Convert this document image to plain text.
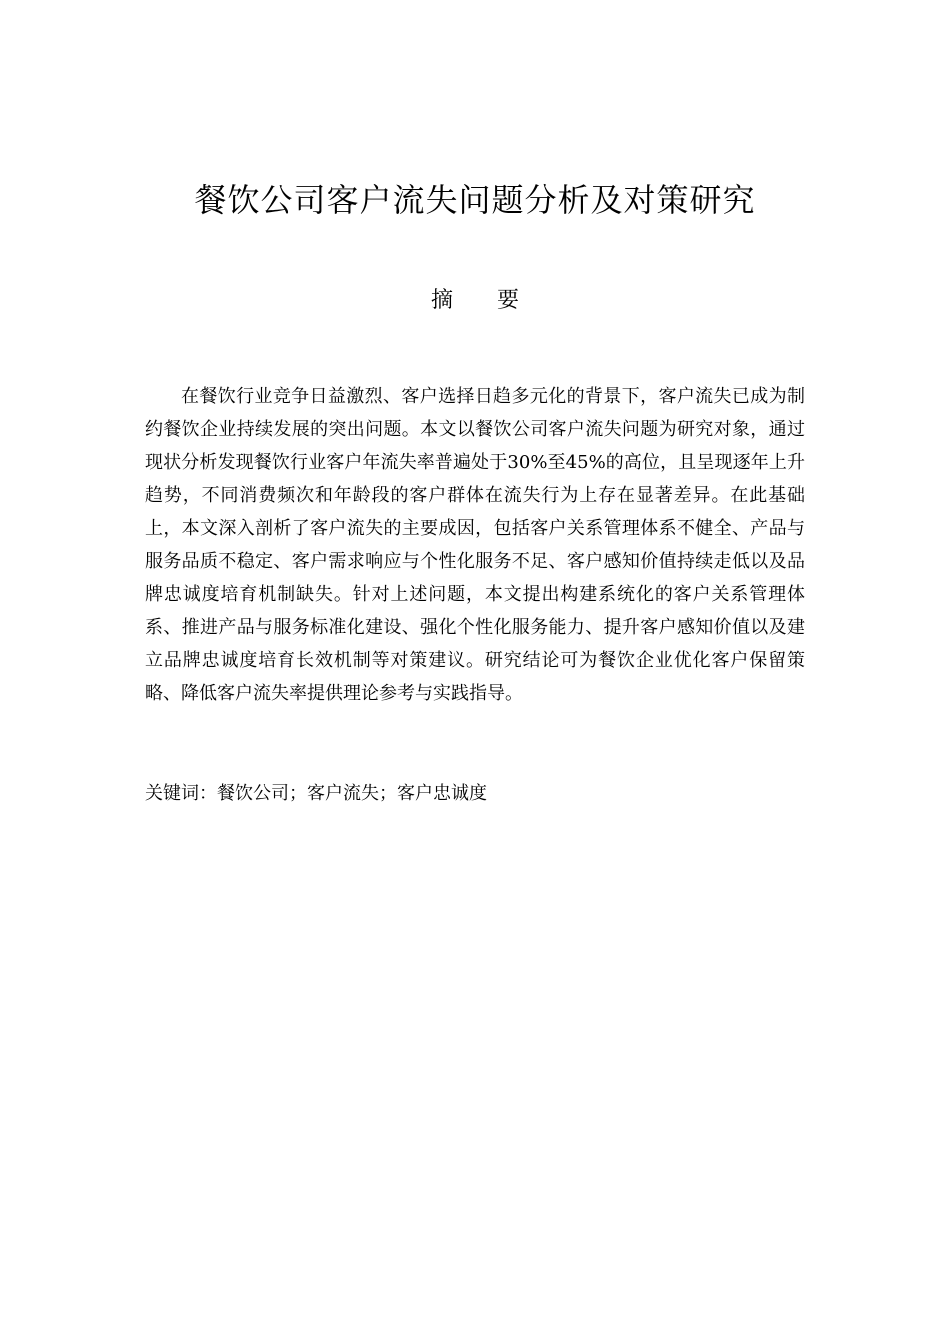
餐饮公司客户流失问题分析及对策研究
摘 要

在餐饮行业竞争日益激烈、客户选择日趋多元化的背景下，客户流失已成为制约餐饮企业持续发展的突出问题。本文以餐饮公司客户流失问题为研究对象，通过现状分析发现餐饮行业客户年流失率普遍处于30%至45%的高位，且呈现逐年上升趋势，不同消费频次和年龄段的客户群体在流失行为上存在显著差异。在此基础上，本文深入剖析了客户流失的主要成因，包括客户关系管理体系不健全、产品与服务品质不稳定、客户需求响应与个性化服务不足、客户感知价值持续走低以及品牌忠诚度培育机制缺失。针对上述问题，本文提出构建系统化的客户关系管理体系、推进产品与服务标准化建设、强化个性化服务能力、提升客户感知价值以及建立品牌忠诚度培育长效机制等对策建议。研究结论可为餐饮企业优化客户保留策略、降低客户流失率提供理论参考与实践指导。

关键词：餐饮公司；客户流失；客户忠诚度
